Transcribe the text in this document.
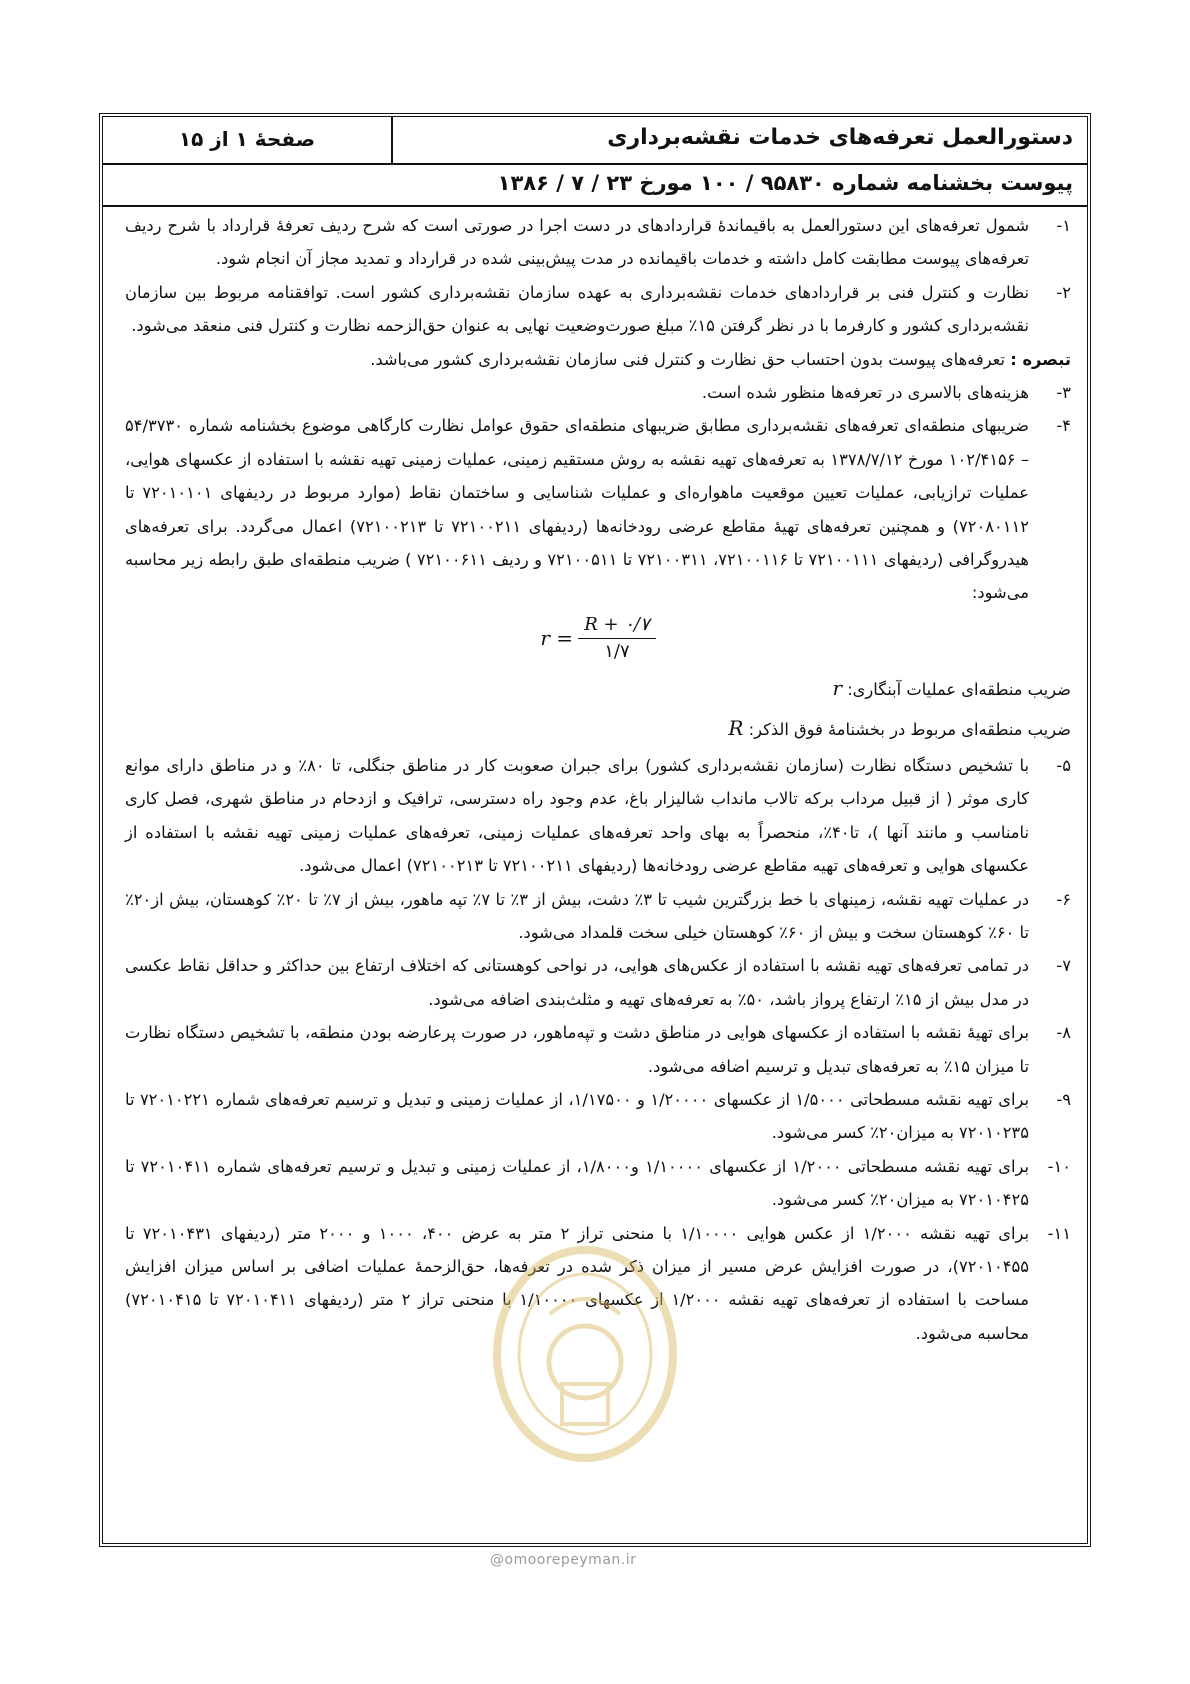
دستورالعمل تعرفه‌های خدمات نقشه‌برداری
صفحهٔ ۱ از ۱۵
پیوست بخشنامه شماره ۹۵۸۳۰ / ۱۰۰ مورخ ۲۳ / ۷ / ۱۳۸۶
۱-
شمول تعرفه‌های این دستورالعمل به باقیماندهٔ قراردادهای در دست اجرا در صورتی است که شرح ردیف تعرفهٔ قرارداد با شرح ردیف تعرفه‌های پیوست مطابقت کامل داشته و خدمات باقیمانده در مدت پیش‌بینی شده در قرارداد و تمدید مجاز آن انجام شود.
۲-
نظارت و کنترل فنی بر قراردادهای خدمات نقشه‌برداری به عهده سازمان نقشه‌برداری کشور است. توافقنامه مربوط بین سازمان نقشه‌برداری کشور و کارفرما با در نظر گرفتن ۱۵٪ مبلغ صورت‌وضعیت نهایی به عنوان حق‌الزحمه نظارت و کنترل فنی منعقد می‌شود.
تبصره : تعرفه‌های پیوست بدون احتساب حق نظارت و کنترل فنی سازمان نقشه‌برداری کشور می‌باشد.
۳-
هزینه‌های بالاسری در تعرفه‌ها منظور شده است.
۴-
ضریبهای منطقه‌ای تعرفه‌های نقشه‌برداری مطابق ضریبهای منطقه‌ای حقوق عوامل نظارت کارگاهی موضوع بخشنامه شماره ۵۴/۳۷۳۰ – ۱۰۲/۴۱۵۶ مورخ ۱۳۷۸/۷/۱۲ به تعرفه‌های تهیه نقشه به روش مستقیم زمینی، عملیات زمینی تهیه نقشه با استفاده از عکسهای هوایی، عملیات ترازیابی، عملیات تعیین موقعیت ماهواره‌ای و عملیات شناسایی و ساختمان نقاط (موارد مربوط در ردیفهای ۷۲۰۱۰۱۰۱ تا ۷۲۰۸۰۱۱۲) و همچنین تعرفه‌های تهیهٔ مقاطع عرضی رودخانه‌ها (ردیفهای ۷۲۱۰۰۲۱۱ تا ۷۲۱۰۰۲۱۳) اعمال می‌گردد. برای تعرفه‌های هیدروگرافی (ردیفهای ۷۲۱۰۰۱۱۱ تا ۷۲۱۰۰۱۱۶، ۷۲۱۰۰۳۱۱ تا ۷۲۱۰۰۵۱۱ و ردیف ۷۲۱۰۰۶۱۱ ) ضریب منطقه‌ای طبق رابطه زیر محاسبه می‌شود:
$r = \frac{R + ۰/۷}{۱/۷}$
ضریب منطقه‌ای عملیات آبنگاری: r
ضریب منطقه‌ای مربوط در بخشنامهٔ فوق الذکر: R
۵-
با تشخیص دستگاه نظارت (سازمان نقشه‌برداری کشور) برای جبران صعوبت کار در مناطق جنگلی، تا ۸۰٪ و در مناطق دارای موانع کاری موثر ( از قبیل مرداب برکه تالاب مانداب شالیزار باغ، عدم وجود راه دسترسی، ترافیک و ازدحام در مناطق شهری، فصل کاری نامناسب و مانند آنها )، تا۴۰٪، منحصراً به بهای واحد تعرفه‌های عملیات زمینی، تعرفه‌های عملیات زمینی تهیه نقشه با استفاده از عکسهای هوایی و تعرفه‌های تهیه مقاطع عرضی رودخانه‌ها (ردیفهای ۷۲۱۰۰۲۱۱ تا ۷۲۱۰۰۲۱۳) اعمال می‌شود.
۶-
در عملیات تهیه نقشه، زمینهای با خط بزرگترین شیب تا ۳٪ دشت، بیش از ۳٪ تا ۷٪ تپه ماهور، بیش از ۷٪ تا ۲۰٪ کوهستان، بیش از۲۰٪ تا ۶۰٪ کوهستان سخت و بیش از ۶۰٪ کوهستان خیلی سخت قلمداد می‌شود.
۷-
در تمامی تعرفه‌های تهیه نقشه با استفاده از عکس‌های هوایی، در نواحی کوهستانی که اختلاف ارتفاع بین حداکثر و حداقل نقاط عکسی در مدل بیش از ۱۵٪ ارتفاع پرواز باشد، ۵۰٪ به تعرفه‌های تهیه و مثلث‌بندی اضافه می‌شود.
۸-
برای تهیهٔ نقشه با استفاده از عکسهای هوایی در مناطق دشت و تپه‌ماهور، در صورت پرعارضه بودن منطقه، با تشخیص دستگاه نظارت تا میزان ۱۵٪ به تعرفه‌های تبدیل و ترسیم اضافه می‌شود.
۹-
برای تهیه نقشه مسطحاتی ۱/۵۰۰۰ از عکسهای ۱/۲۰۰۰۰ و ۱/۱۷۵۰۰، از عملیات زمینی و تبدیل و ترسیم تعرفه‌های شماره ۷۲۰۱۰۲۲۱ تا ۷۲۰۱۰۲۳۵ به میزان۲۰٪ کسر می‌شود.
۱۰-
برای تهیه نقشه مسطحاتی ۱/۲۰۰۰ از عکسهای ۱/۱۰۰۰۰ و۱/۸۰۰۰، از عملیات زمینی و تبدیل و ترسیم تعرفه‌های شماره ۷۲۰۱۰۴۱۱ تا ۷۲۰۱۰۴۲۵ به میزان۲۰٪ کسر می‌شود.
۱۱-
برای تهیه نقشه ۱/۲۰۰۰ از عکس هوایی ۱/۱۰۰۰۰ با منحنی تراز ۲ متر به عرض ۴۰۰، ۱۰۰۰ و ۲۰۰۰ متر (ردیفهای ۷۲۰۱۰۴۳۱ تا ۷۲۰۱۰۴۵۵)، در صورت افزایش عرض مسیر از میزان ذکر شده در تعرفه‌ها، حق‌الزحمهٔ عملیات اضافی بر اساس میزان افزایش مساحت با استفاده از تعرفه‌های تهیه نقشه ۱/۲۰۰۰ از عکسهای ۱/۱۰۰۰۰ با منحنی تراز ۲ متر (ردیفهای ۷۲۰۱۰۴۱۱ تا ۷۲۰۱۰۴۱۵) محاسبه می‌شود.
@omoorepeyman.ir
